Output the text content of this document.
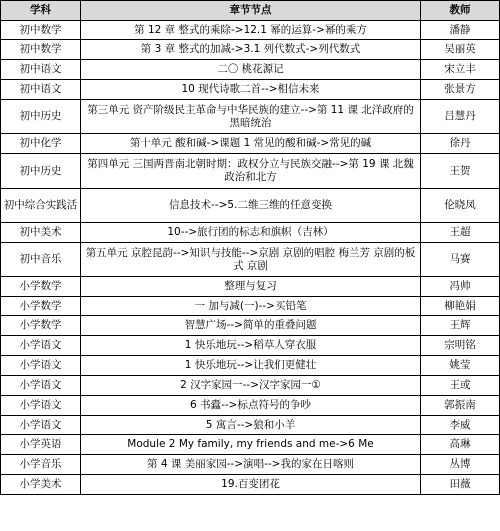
学科	章节节点	教师
初中数学	第 12 章 整式的乘除->12.1 幂的运算->幂的乘方	潘静
初中数学	第 3 章 整式的加减->3.1 列代数式->列代数式	吴丽英
初中语文	二〇 桃花源记	宋立丰
初中语文	10 现代诗歌二首-->相信未来	张景方
初中历史	第三单元 资产阶级民主革命与中华民族的建立-->第 11 课 北洋政府的黑暗统治	吕慧丹
初中化学	第十单元 酸和碱->课题 1 常见的酸和碱->常见的碱	徐丹
初中历史	第四单元 三国两晋南北朝时期：政权分立与民族交融-->第 19 课 北魏政治和北方	王贺
初中综合实践活	信息技术-->5.二维三维的任意变换	伦晓凤
初中美术	10-->旅行团的标志和旗帜（吉林）	王超
初中音乐	第五单元 京腔昆韵-->知识与技能-->京剧 京剧的唱腔 梅兰芳 京剧的板式 京剧	马赛
小学数学	整理与复习	冯帅
小学数学	一 加与减(一)-->买铅笔	柳艳娟
小学数学	智慧广场-->简单的重叠问题	王辉
小学语文	1 快乐地玩-->稻草人穿衣服	宗明铭
小学语文	1 快乐地玩-->让我们更健壮	姚莹
小学语文	2 汉字家园一-->汉字家园一①	王或
小学语文	6 书蠹-->标点符号的争吵	郭振南
小学语文	5 寓言-->狼和小羊	李威
小学英语	Module 2 My family, my friends and me->6 Me	高琳
小学音乐	第 4 课 美丽家园-->演唱-->我的家在日喀则	丛博
小学美术	19.百变团花	田薇
